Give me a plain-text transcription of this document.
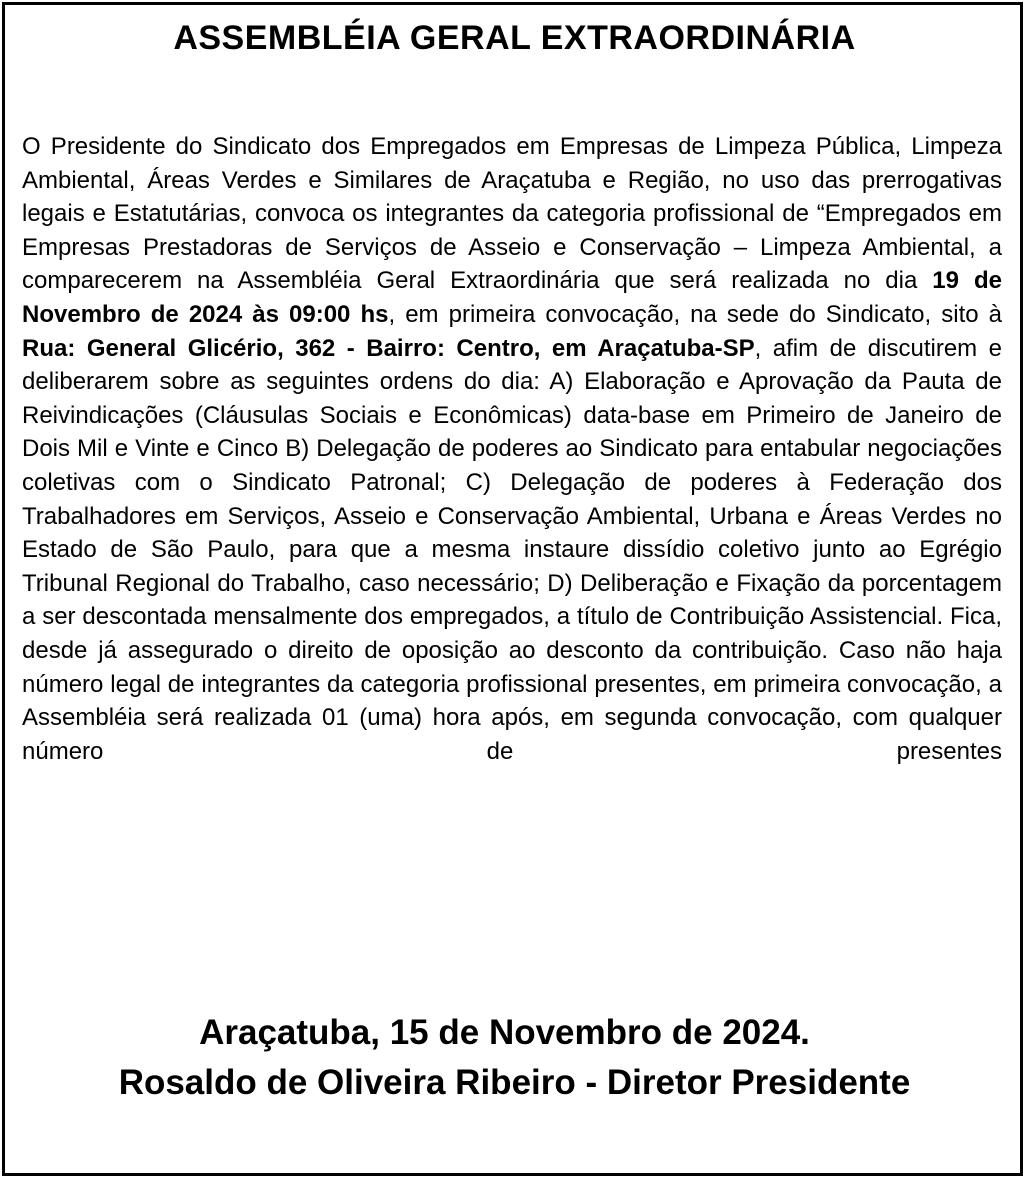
ASSEMBLÉIA GERAL EXTRAORDINÁRIA
O Presidente do Sindicato dos Empregados em Empresas de Limpeza Pública, Limpeza Ambiental, Áreas Verdes e Similares de Araçatuba e Região, no uso das prerrogativas legais e Estatutárias, convoca os integrantes da categoria profissional de “Empregados em Empresas Prestadoras de Serviços de Asseio e Conservação – Limpeza Ambiental, a comparecerem na Assembléia Geral Extraordinária que será realizada no dia 19 de Novembro de 2024 às 09:00 hs, em primeira convocação, na sede do Sindicato, sito à Rua: General Glicério, 362 - Bairro: Centro, em Araçatuba-SP, afim de discutirem e deliberarem sobre as seguintes ordens do dia: A) Elaboração e Aprovação da Pauta de Reivindicações (Cláusulas Sociais e Econômicas) data-base em Primeiro de Janeiro de Dois Mil e Vinte e Cinco B) Delegação de poderes ao Sindicato para entabular negociações coletivas com o Sindicato Patronal; C) Delegação de poderes à Federação dos Trabalhadores em Serviços, Asseio e Conservação Ambiental, Urbana e Áreas Verdes no Estado de São Paulo, para que a mesma instaure dissídio coletivo junto ao Egrégio Tribunal Regional do Trabalho, caso necessário; D) Deliberação e Fixação da porcentagem a ser descontada mensalmente dos empregados, a título de Contribuição Assistencial. Fica, desde já assegurado o direito de oposição ao desconto da contribuição. Caso não haja número legal de integrantes da categoria profissional presentes, em primeira convocação, a Assembléia será realizada 01 (uma) hora após, em segunda convocação, com qualquer número de presentes
Araçatuba, 15 de Novembro de 2024.
Rosaldo de Oliveira Ribeiro - Diretor Presidente
